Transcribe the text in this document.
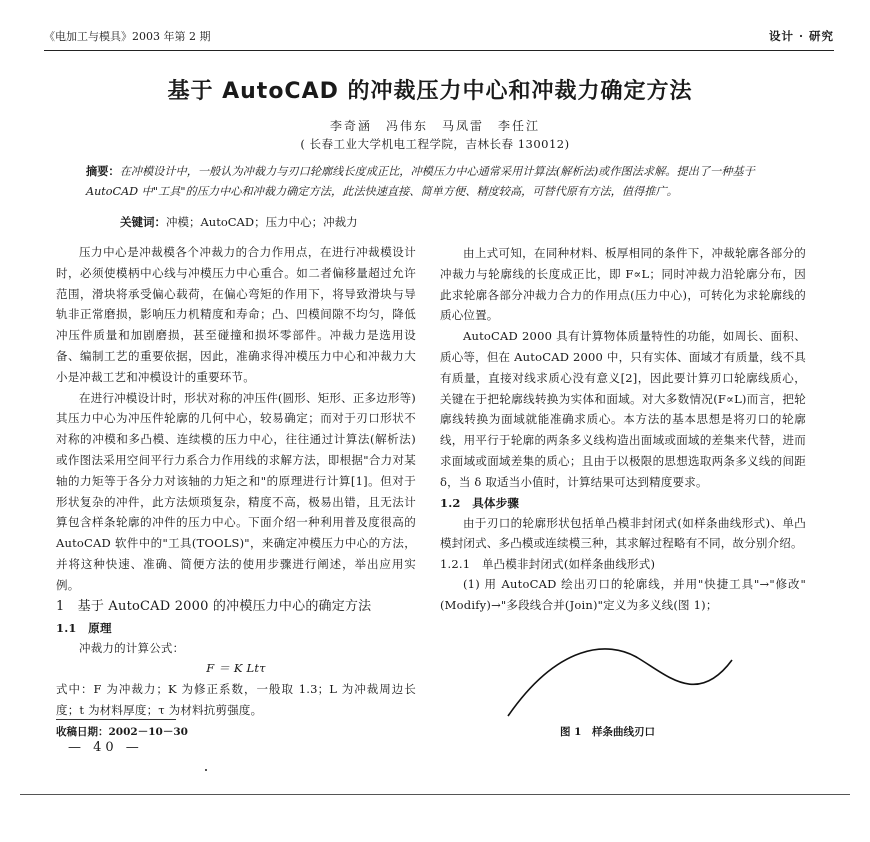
《电加工与模具》2003 年第 2 期	设计 · 研究
基于 AutoCAD 的冲裁压力中心和冲裁力确定方法
李奇涵　冯伟东　马凤雷　李任江
( 长春工业大学机电工程学院，吉林长春 130012)
摘要：在冲模设计中，一般认为冲裁力与刃口轮廓线长度成正比，冲模压力中心通常采用计算法(解析法)或作图法求解。提出了一种基于 AutoCAD 中"工具"的压力中心和冲裁力确定方法，此法快速直接、简单方便、精度较高，可替代原有方法，值得推广。
关键词：冲模；AutoCAD；压力中心；冲裁力

压力中心是冲裁模各个冲裁力的合力作用点，在进行冲裁模设计时，必须使模柄中心线与冲模压力中心重合。如二者偏移量超过允许范围，滑块将承受偏心载荷，在偏心弯矩的作用下，将导致滑块与导轨非正常磨损，影响压力机精度和寿命；凸、凹模间隙不均匀，降低冲压件质量和加剧磨损，甚至碰撞和损坏零部件。冲裁力是选用设备、编制工艺的重要依据，因此，准确求得冲模压力中心和冲裁力大小是冲裁工艺和冲模设计的重要环节。

在进行冲模设计时，形状对称的冲压件(圆形、矩形、正多边形等)其压力中心为冲压件轮廓的几何中心，较易确定；而对于刃口形状不对称的冲模和多凸模、连续模的压力中心，往往通过计算法(解析法)或作图法采用空间平行力系合力作用线的求解方法，即根据"合力对某轴的力矩等于各分力对该轴的力矩之和"的原理进行计算[1]。但对于形状复杂的冲件，此方法烦琐复杂，精度不高，极易出错，且无法计算包含样条轮廓的冲件的压力中心。下面介绍一种利用普及度很高的 AutoCAD 软件中的"工具(TOOLS)"，来确定冲模压力中心的方法，并将这种快速、准确、简便方法的使用步骤进行阐述，举出应用实例。

1　基于 AutoCAD 2000 的冲模压力中心的确定方法

1.1　原理

冲裁力的计算公式：

F ＝ K Ltτ

式中：F 为冲裁力；K 为修正系数，一般取 1.3；L 为冲裁周边长度；t 为材料厚度；τ 为材料抗剪强度。

由上式可知，在同种材料、板厚相同的条件下，冲裁轮廓各部分的冲裁力与轮廓线的长度成正比，即 F∝L；同时冲裁力沿轮廓分布，因此求轮廓各部分冲裁力合力的作用点(压力中心)，可转化为求轮廓线的质心位置。

AutoCAD 2000 具有计算物体质量特性的功能，如周长、面积、质心等，但在 AutoCAD 2000 中，只有实体、面域才有质量，线不具有质量，直接对线求质心没有意义[2]，因此要计算刃口轮廓线质心，关键在于把轮廓线转换为实体和面域。对大多数情况(F∝L)而言，把轮廓线转换为面域就能准确求质心。本方法的基本思想是将刃口的轮廓线，用平行于轮廓的两条多义线构造出面域或面域的差集来代替，进而求面域或面域差集的质心；且由于以极限的思想选取两条多义线的间距 δ，当 δ 取适当小值时，计算结果可达到精度要求。

1.2　具体步骤

由于刃口的轮廓形状包括单凸模非封闭式(如样条曲线形式)、单凸模封闭式、多凸模或连续模三种，其求解过程略有不同，故分别介绍。

1.2.1　单凸模非封闭式(如样条曲线形式)

(1) 用 AutoCAD 绘出刃口的轮廓线，并用"快捷工具"→"修改"(Modify)→"多段线合并(Join)"定义为多义线(图 1)；

图 1　样条曲线刃口
收稿日期：2002－10－30
— 40 —
